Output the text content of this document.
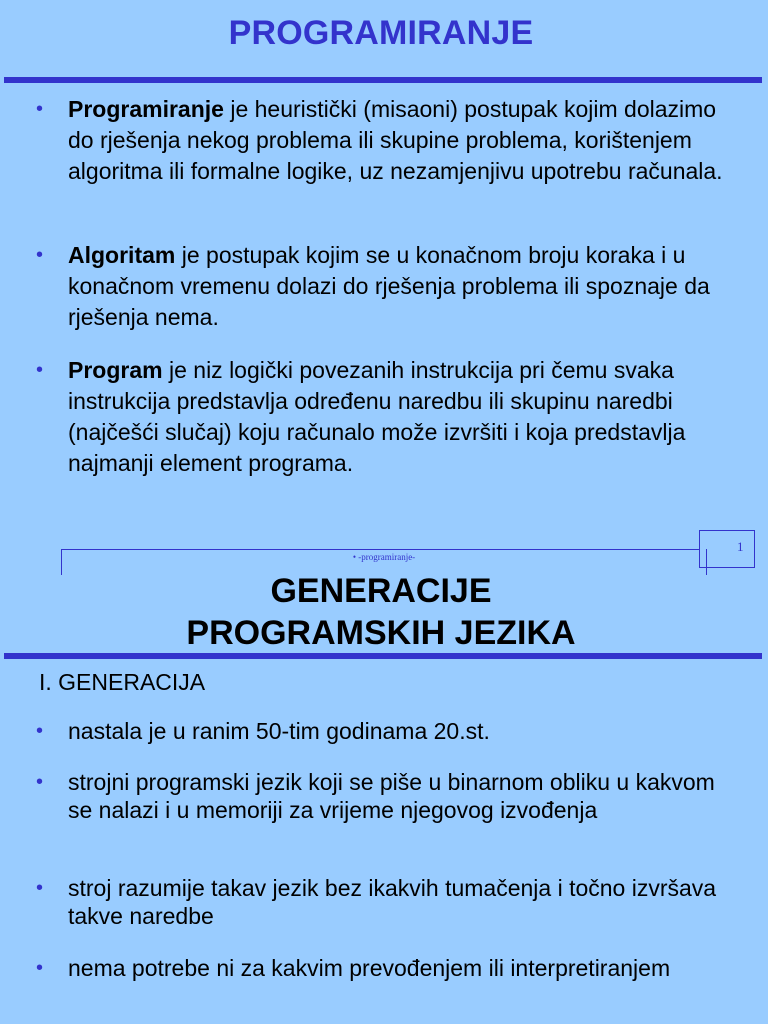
PROGRAMIRANJE
• Programiranje je heuristički (misaoni) postupak kojim dolazimo do rješenja nekog problema ili skupine problema, korištenjem algoritma ili formalne logike, uz nezamjenjivu upotrebu računala.
• Algoritam je postupak kojim se u konačnom broju koraka i u konačnom vremenu dolazi do rješenja problema ili spoznaje da rješenja nema.
• Program je niz logički povezanih instrukcija pri čemu svaka instrukcija predstavlja određenu naredbu ili skupinu naredbi (najčešći slučaj) koju računalo može izvršiti i koja predstavlja najmanji element programa.
• -programiranje-
1
GENERACIJE
PROGRAMSKIH JEZIKA
I. GENERACIJA
• nastala je u ranim 50-tim godinama 20.st.
• strojni programski jezik koji se piše u binarnom obliku u kakvom se nalazi i u memoriji za vrijeme njegovog izvođenja
• stroj razumije takav jezik bez ikakvih tumačenja i točno izvršava takve naredbe
• nema potrebe ni za kakvim prevođenjem ili interpretiranjem
